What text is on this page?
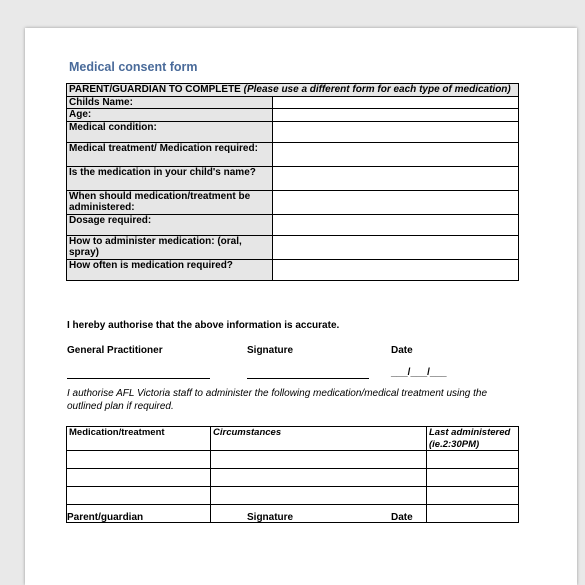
Medical consent form
PARENT/GUARDIAN TO COMPLETE (Please use a different form for each type of medication)	
Childs Name:	
Age:	
Medical condition:	
Medical treatment/ Medication required:	
Is the medication in your child's name?	
When should medication/treatment be administered:	
Dosage required:	
How to administer medication: (oral, spray)	
How often is medication required?	
I hereby authorise that the above information is accurate.
General Practitioner	Signature	Date
___/___/___
I authorise AFL Victoria staff to administer the following medication/medical treatment using the outlined plan if required.
Medication/treatment	Circumstances	Last administered (ie.2:30PM)

Parent/guardian	Signature	Date
